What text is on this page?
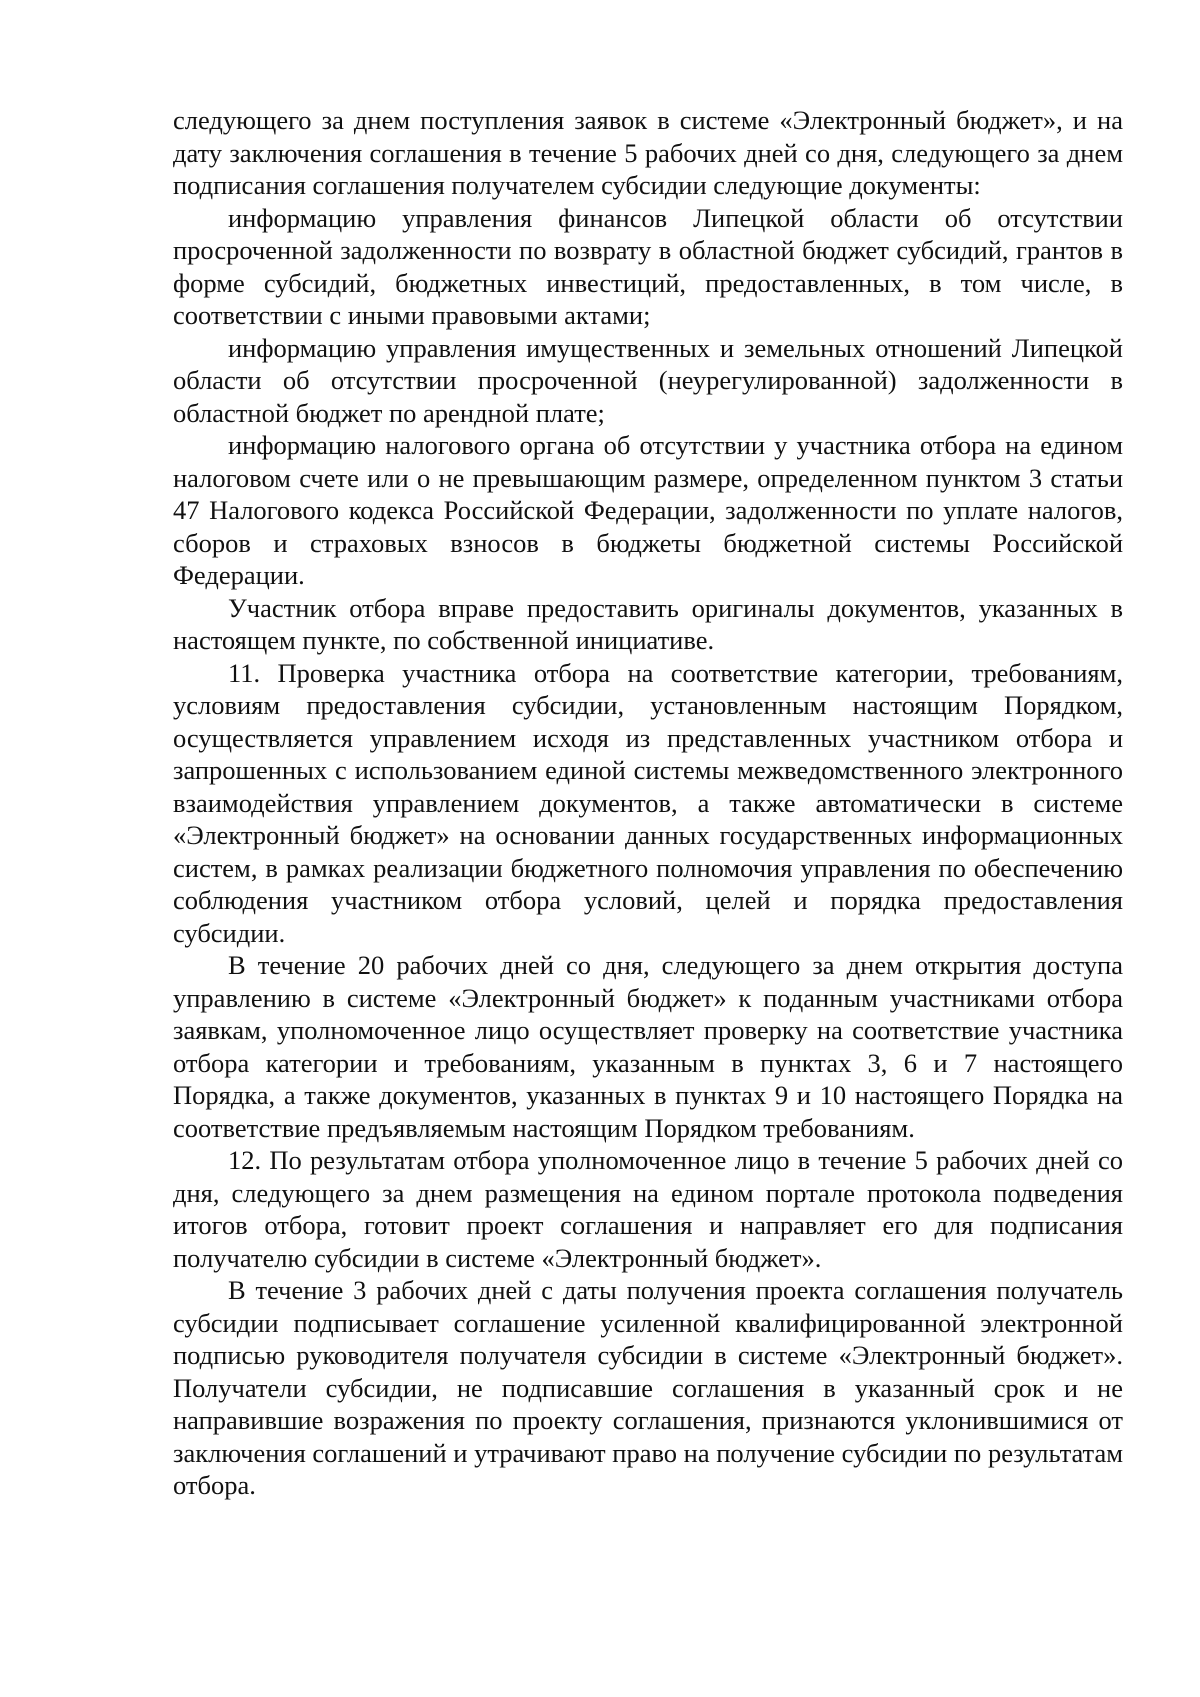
следующего за днем поступления заявок в системе «Электронный бюджет», и на дату заключения соглашения в течение 5 рабочих дней со дня, следующего за днем подписания соглашения получателем субсидии следующие документы:

информацию управления финансов Липецкой области об отсутствии просроченной задолженности по возврату в областной бюджет субсидий, грантов в форме субсидий, бюджетных инвестиций, предоставленных, в том числе, в соответствии с иными правовыми актами;

информацию управления имущественных и земельных отношений Липецкой области об отсутствии просроченной (неурегулированной) задолженности в областной бюджет по арендной плате;

информацию налогового органа об отсутствии у участника отбора на едином налоговом счете или о не превышающим размере, определенном пунктом 3 статьи 47 Налогового кодекса Российской Федерации, задолженности по уплате налогов, сборов и страховых взносов в бюджеты бюджетной системы Российской Федерации.

Участник отбора вправе предоставить оригиналы документов, указанных в настоящем пункте, по собственной инициативе.

11. Проверка участника отбора на соответствие категории, требованиям, условиям предоставления субсидии, установленным настоящим Порядком, осуществляется управлением исходя из представленных участником отбора и запрошенных с использованием единой системы межведомственного электронного взаимодействия управлением документов, а также автоматически в системе «Электронный бюджет» на основании данных государственных информационных систем, в рамках реализации бюджетного полномочия управления по обеспечению соблюдения участником отбора условий, целей и порядка предоставления субсидии.

В течение 20 рабочих дней со дня, следующего за днем открытия доступа управлению в системе «Электронный бюджет» к поданным участниками отбора заявкам, уполномоченное лицо осуществляет проверку на соответствие участника отбора категории и требованиям, указанным в пунктах 3, 6 и 7 настоящего Порядка, а также документов, указанных в пунктах 9 и 10 настоящего Порядка на соответствие предъявляемым настоящим Порядком требованиям.

12. По результатам отбора уполномоченное лицо в течение 5 рабочих дней со дня, следующего за днем размещения на едином портале протокола подведения итогов отбора, готовит проект соглашения и направляет его для подписания получателю субсидии в системе «Электронный бюджет».

В течение 3 рабочих дней с даты получения проекта соглашения получатель субсидии подписывает соглашение усиленной квалифицированной электронной подписью руководителя получателя субсидии в системе «Электронный бюджет». Получатели субсидии, не подписавшие соглашения в указанный срок и не направившие возражения по проекту соглашения, признаются уклонившимися от заключения соглашений и утрачивают право на получение субсидии по результатам отбора.
